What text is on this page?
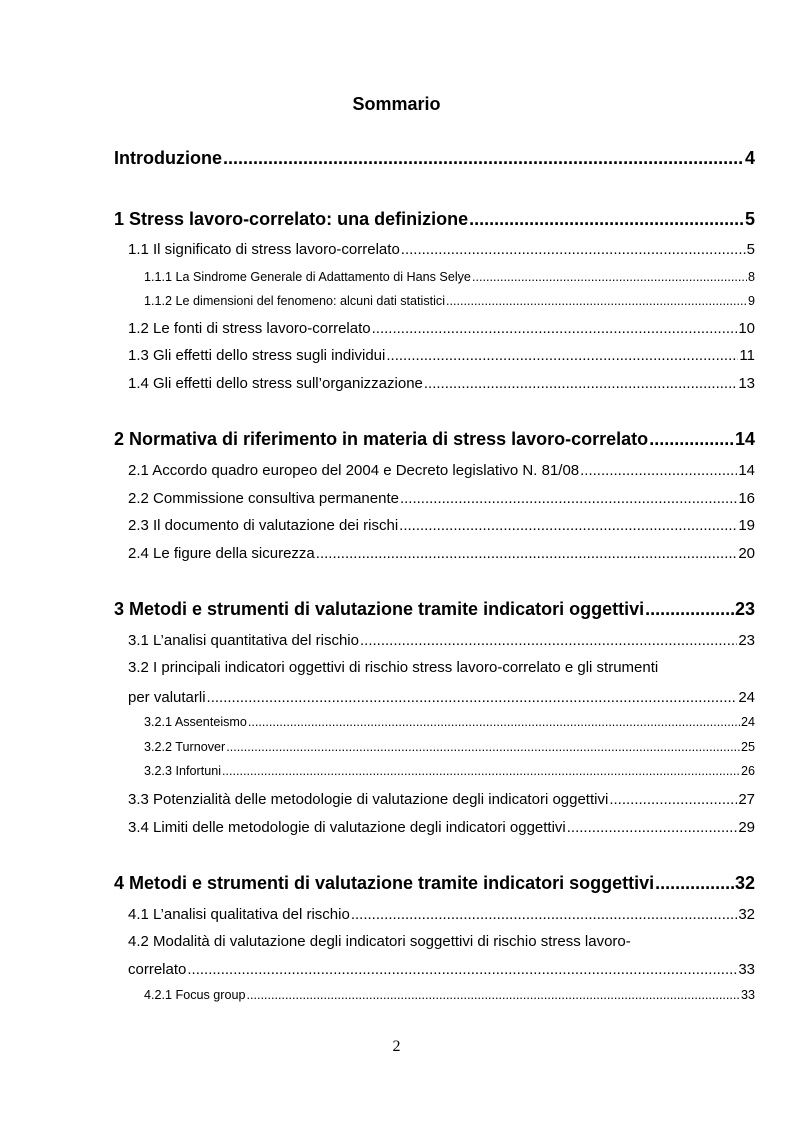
Sommario
Introduzione .....	4
1 Stress lavoro-correlato: una definizione .....	5
1.1 Il significato di stress lavoro-correlato .....	5
1.1.1 La Sindrome Generale di Adattamento di Hans Selye .....	8
1.1.2 Le dimensioni del fenomeno: alcuni dati statistici .....	9
1.2 Le fonti di stress lavoro-correlato .....	10
1.3 Gli effetti dello stress sugli individui .....	11
1.4 Gli effetti dello stress sull’organizzazione .....	13
2 Normativa di riferimento in materia di stress lavoro-correlato .....	14
2.1 Accordo quadro europeo del 2004 e Decreto legislativo N. 81/08 .....	14
2.2 Commissione consultiva permanente .....	16
2.3 Il documento di valutazione dei rischi .....	19
2.4 Le figure della sicurezza .....	20
3 Metodi e strumenti di valutazione tramite indicatori oggettivi .....	23
3.1 L’analisi quantitativa del rischio .....	23
3.2 I principali indicatori oggettivi di rischio stress lavoro-correlato e gli strumenti
per valutarli .....	24
3.2.1 Assenteismo .....	24
3.2.2 Turnover .....	25
3.2.3 Infortuni .....	26
3.3 Potenzialità delle metodologie di valutazione degli indicatori oggettivi .....	27
3.4 Limiti delle metodologie di valutazione degli indicatori oggettivi .....	29
4 Metodi e strumenti di valutazione tramite indicatori soggettivi .....	32
4.1 L’analisi qualitativa del rischio .....	32
4.2 Modalità di valutazione degli indicatori soggettivi di rischio stress lavoro-
correlato .....	33
4.2.1 Focus group .....	33
2
